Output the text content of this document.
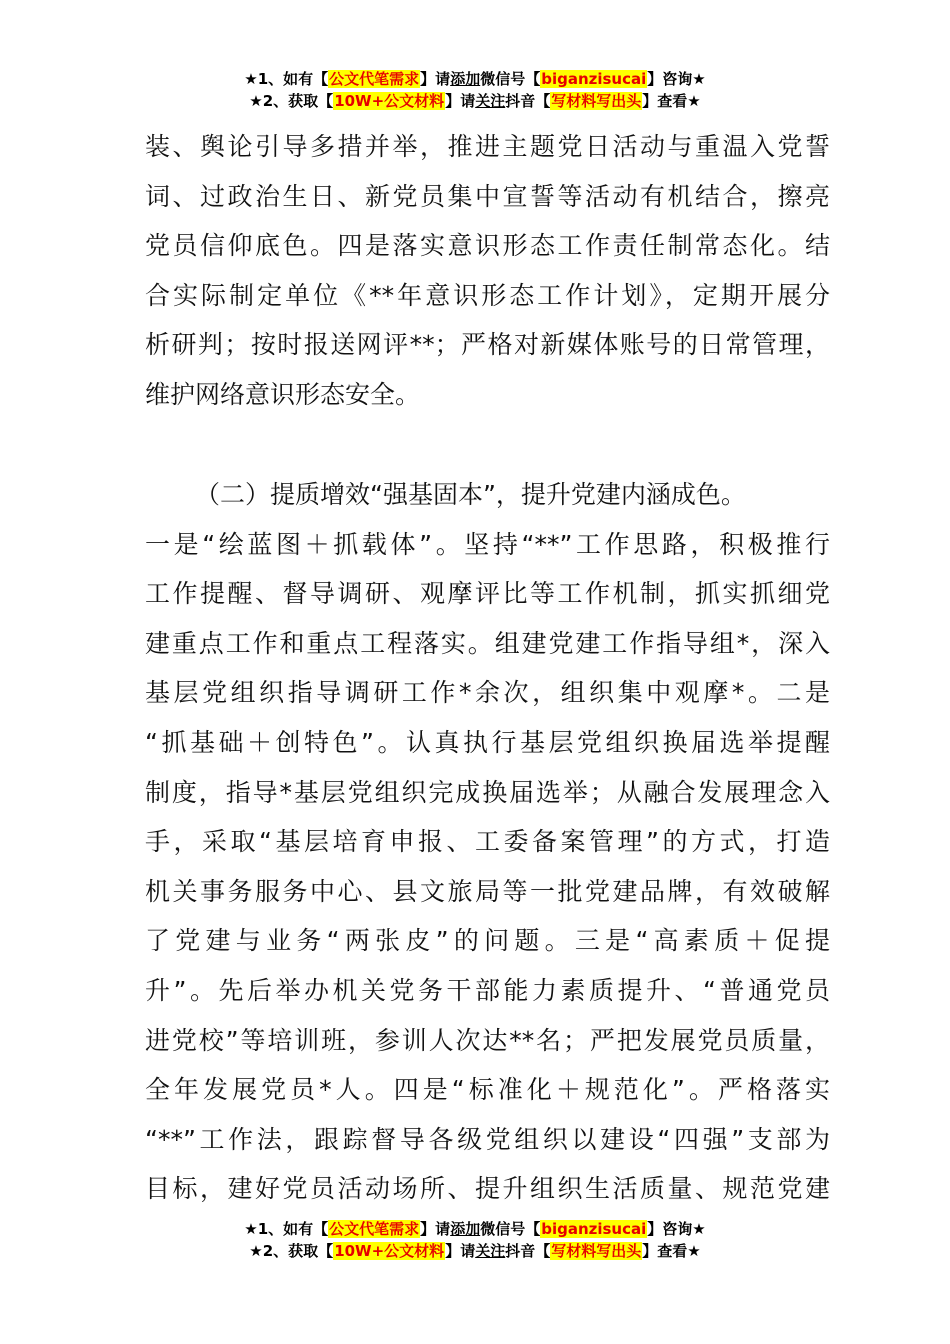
★1、如有【公文代笔需求】请添加微信号【biganzisucai】咨询★
★2、获取【10W+公文材料】请关注抖音【写材料写出头】查看★
装、舆论引导多措并举，推进主题党日活动与重温入党誓
词、过政治生日、新党员集中宣誓等活动有机结合，擦亮
党员信仰底色。四是落实意识形态工作责任制常态化。结
合实际制定单位《**年意识形态工作计划》，定期开展分
析研判；按时报送网评**；严格对新媒体账号的日常管理，
维护网络意识形态安全。
（二）提质增效“强基固本”，提升党建内涵成色。
一是“绘蓝图＋抓载体”。坚持“**”工作思路，积极推行
工作提醒、督导调研、观摩评比等工作机制，抓实抓细党
建重点工作和重点工程落实。组建党建工作指导组*，深入
基层党组织指导调研工作*余次，组织集中观摩*。二是
“抓基础＋创特色”。认真执行基层党组织换届选举提醒
制度，指导*基层党组织完成换届选举；从融合发展理念入
手，采取“基层培育申报、工委备案管理”的方式，打造
机关事务服务中心、县文旅局等一批党建品牌，有效破解
了党建与业务“两张皮”的问题。三是“高素质＋促提
升”。先后举办机关党务干部能力素质提升、“普通党员
进党校”等培训班，参训人次达**名；严把发展党员质量，
全年发展党员*人。四是“标准化＋规范化”。严格落实
“**”工作法，跟踪督导各级党组织以建设“四强”支部为
目标，建好党员活动场所、提升组织生活质量、规范党建
★1、如有【公文代笔需求】请添加微信号【biganzisucai】咨询★
★2、获取【10W+公文材料】请关注抖音【写材料写出头】查看★
